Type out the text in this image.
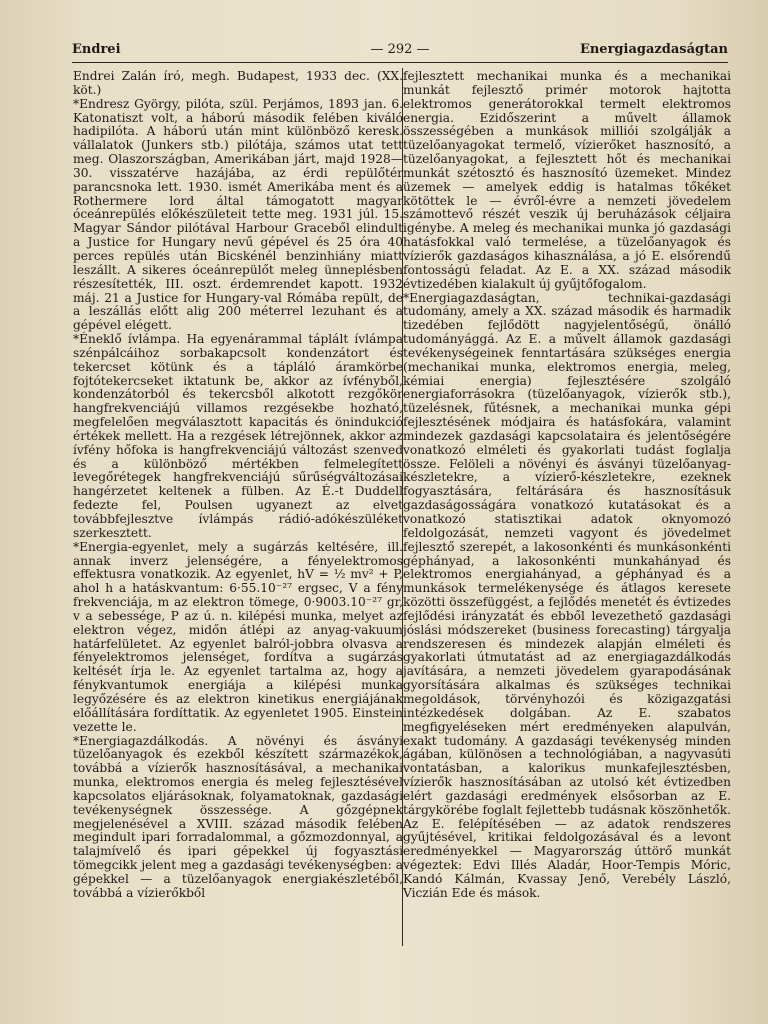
Endrei	— 292 —	Energiagazdaságtan

Endrei Zalán író, megh. Budapest, 1933 dec. (XX. köt.)

*Endresz György, pilóta, szül. Perjámos, 1893 jan. 6. Katonatiszt volt, a háború második felében kiváló hadipilóta. A háború után mint különböző keresk. vállalatok (Junkers stb.) pilótája, számos utat tett meg. Olaszországban, Amerikában járt, majd 1928—30. visszatérve hazájába, az érdi repülőtér parancsnoka lett. 1930. ismét Amerikába ment és a Rothermere lord által támogatott magyar óceánrepülés előkészületeit tette meg. 1931 júl. 15. Magyar Sándor pilótával Harbour Graceből elindult a Justice for Hungary nevű gépével és 25 óra 40 perces repülés után Bicskénél benzinhiány miatt leszállt. A sikeres óceánrepülőt meleg ünneplésben részesítették, III. oszt. érdemrendet kapott. 1932 máj. 21 a Justice for Hungary-val Rómába repült, de a leszállás előtt alig 200 méterrel lezuhant és a gépével elégett.

*Éneklő ívlámpa. Ha egyenárammal táplált ívlámpa szénpálcáihoz sorbakapcsolt kondenzátort és tekercset kötünk és a tápláló áramkörbe fojtótekercseket iktatunk be, akkor az ívfényből, kondenzátorból és tekercsből alkotott rezgőkör hangfrekvenciájú villamos rezgésekbe hozható, megfelelően megválasztott kapacitás és önindukció értékek mellett. Ha a rezgések létrejönnek, akkor az ívfény hőfoka is hangfrekvenciájú változást szenved és a különböző mértékben felmelegített levegőrétegek hangfrekvenciájú sűrűségváltozásai hangérzetet keltenek a fülben. Az É.-t Duddell fedezte fel, Poulsen ugyanezt az elvet továbbfejlesztve ívlámpás rádió-adókészüléket szerkesztett.

*Energia-egyenlet, mely a sugárzás keltésére, ill. annak inverz jelenségére, a fényelektromos effektusra vonatkozik. Az egyenlet, hV = ½ mv² + P, ahol h a hatáskvantum: 6·55.10⁻²⁷ ergsec, V a fény frekvenciája, m az elektron tömege, 0·9003.10⁻²⁷ gr, v a sebessége, P az ú. n. kilépési munka, melyet az elektron végez, midőn átlépi az anyag-vakuum határfelületet. Az egyenlet balról-jobbra olvasva a fényelektromos jelenséget, fordítva a sugárzás keltését írja le. Az egyenlet tartalma az, hogy a fénykvantumok energiája a kilépési munka legyőzésére és az elektron kinetikus energiájának előállítására fordíttatik. Az egyenletet 1905. Einstein vezette le.

*Energiagazdálkodás. A növényi és ásványi tüzelőanyagok és ezekből készített származékok, továbbá a vízierők hasznosításával, a mechanikai munka, elektromos energia és meleg fejlesztésével kapcsolatos eljárásoknak, folyamatoknak, gazdasági tevékenységnek összessége. A gőzgépnek megjelenésével a XVIII. század második felében megindult ipari forradalommal, a gőzmozdonnyal, a talajmívelő és ipari gépekkel új fogyasztási tömegcikk jelent meg a gazdasági tevékenységben: a gépekkel — a tüzelőanyagok energiakészletéből, továbbá a vízierőkből

fejlesztett mechanikai munka és a mechanikai munkát fejlesztő primér motorok hajtotta elektromos generátorokkal termelt elektromos energia. Ezidőszerint a művelt államok összességében a munkások milliói szolgálják a tüzelőanyagokat termelő, vízierőket hasznosító, a tüzelőanyagokat, a fejlesztett hőt és mechanikai munkát szétosztó és hasznosító üzemeket. Mindez üzemek — amelyek eddig is hatalmas tőkéket kötöttek le — évről-évre a nemzeti jövedelem számottevő részét veszik új beruházások céljaira igénybe. A meleg és mechanikai munka jó gazdasági hatásfokkal való termelése, a tüzelőanyagok és vízierők gazdaságos kihasználása, a jó E. elsőrendű fontosságú feladat. Az E. a XX. század második évtizedében kialakult új gyűjtőfogalom.

*Energiagazdaságtan, technikai-gazdasági tudomány, amely a XX. század második és harmadik tizedében fejlődött nagyjelentőségű, önálló tudományággá. Az E. a művelt államok gazdasági tevékenységeinek fenntartására szükséges energia (mechanikai munka, elektromos energia, meleg, kémiai energia) fejlesztésére szolgáló energiaforrásokra (tüzelőanyagok, vízierők stb.), tüzelésnek, fűtésnek, a mechanikai munka gépi fejlesztésének módjaira és hatásfokára, valamint mindezek gazdasági kapcsolataira és jelentőségére vonatkozó elméleti és gyakorlati tudást foglalja össze. Felöleli a növényi és ásványi tüzelőanyag-készletekre, a vízierő-készletekre, ezeknek fogyasztására, feltárására és hasznosításuk gazdaságosságára vonatkozó kutatásokat és a vonatkozó statisztikai adatok oknyomozó feldolgozását, nemzeti vagyont és jövedelmet fejlesztő szerepét, a lakosonkénti és munkásonkénti géphányad, a lakosonkénti munkahányad és elektromos energiahányad, a géphányad és a munkások termelékenysége és átlagos keresete közötti összefüggést, a fejlődés menetét és évtizedes fejlődési irányzatát és ebből levezethető gazdasági jóslási módszereket (business forecasting) tárgyalja rendszeresen és mindezek alapján elméleti és gyakorlati útmutatást ad az energiagazdálkodás javítására, a nemzeti jövedelem gyarapodásának gyorsítására alkalmas és szükséges technikai megoldások, törvényhozói és közigazgatási intézkedések dolgában. Az E. szabatos megfigyeléseken mért eredményeken alapulván, exakt tudomány. A gazdasági tevékenység minden ágában, különösen a technológiában, a nagyvasúti vontatásban, a kalorikus munkafejlesztésben, vízierők hasznosításában az utolsó két évtizedben elért gazdasági eredmények elsősorban az E. tárgykörébe foglalt fejlettebb tudásnak köszönhetők. Az E. felépítésében — az adatok rendszeres gyűjtésével, kritikai feldolgozásával és a levont eredményekkel — Magyarország úttörő munkát végeztek: Edvi Illés Aladár, Hoor-Tempis Móric, Kandó Kálmán, Kvassay Jenő, Verebély László, Viczián Ede és mások.
